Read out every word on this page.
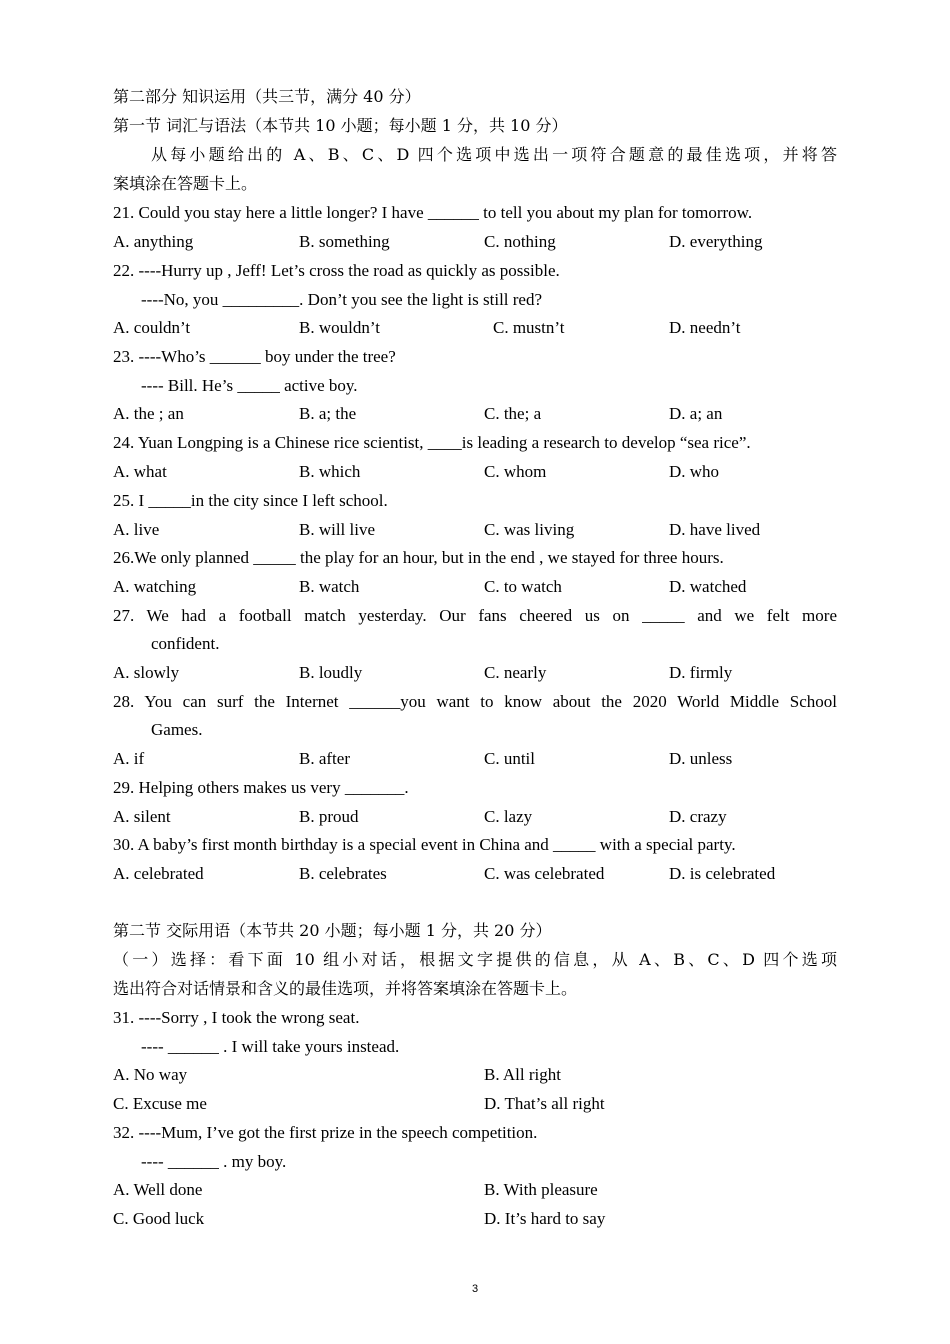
第二部分 知识运用（共三节，满分 40 分）
第一节 词汇与语法（本节共 10 小题；每小题 1 分，共 10 分）
从每小题给出的 A、B、C、D 四个选项中选出一项符合题意的最佳选项，并将答
案填涂在答题卡上。
21. Could you stay here a little longer? I have ______ to tell you about my plan for tomorrow.
A. anything	B. something	C. nothing	D. everything
22. ----Hurry up , Jeff! Let’s cross the road as quickly as possible.
----No, you _________. Don’t you see the light is still red?
A. couldn’t	B. wouldn’t	C. mustn’t	D. needn’t
23. ----Who’s ______ boy under the tree?
---- Bill. He’s _____ active boy.
A. the ; an	B. a; the	C. the; a	D. a; an
24. Yuan Longping is a Chinese rice scientist, ____is leading a research to develop “sea rice”.
A. what	B. which	C. whom	D. who
25. I _____in the city since I left school.
A. live	B. will live	C. was living	D. have lived
26.We only planned _____ the play for an hour, but in the end , we stayed for three hours.
A. watching	B. watch	C. to watch	D. watched
27. We had a football match yesterday. Our fans cheered us on _____ and we felt more
confident.
A. slowly	B. loudly	C. nearly	D. firmly
28. You can surf the Internet ______you want to know about the 2020 World Middle School
Games.
A. if	B. after	C. until	D. unless
29. Helping others makes us very _______.
A. silent	B. proud	C. lazy	D. crazy
30. A baby’s first month birthday is a special event in China and _____ with a special party.
A. celebrated	B. celebrates	C. was celebrated	D. is celebrated
第二节 交际用语（本节共 20 小题；每小题 1 分，共 20 分）
（一）选择：看下面 10 组小对话，根据文字提供的信息，从 A、B、C、D 四个选项
选出符合对话情景和含义的最佳选项，并将答案填涂在答题卡上。
31. ----Sorry , I took the wrong seat.
---- ______ . I will take yours instead.
A. No way	B. All right
C. Excuse me	D. That’s all right
32. ----Mum, I’ve got the first prize in the speech competition.
---- ______ . my boy.
A. Well done	B. With pleasure
C. Good luck	D. It’s hard to say
3
